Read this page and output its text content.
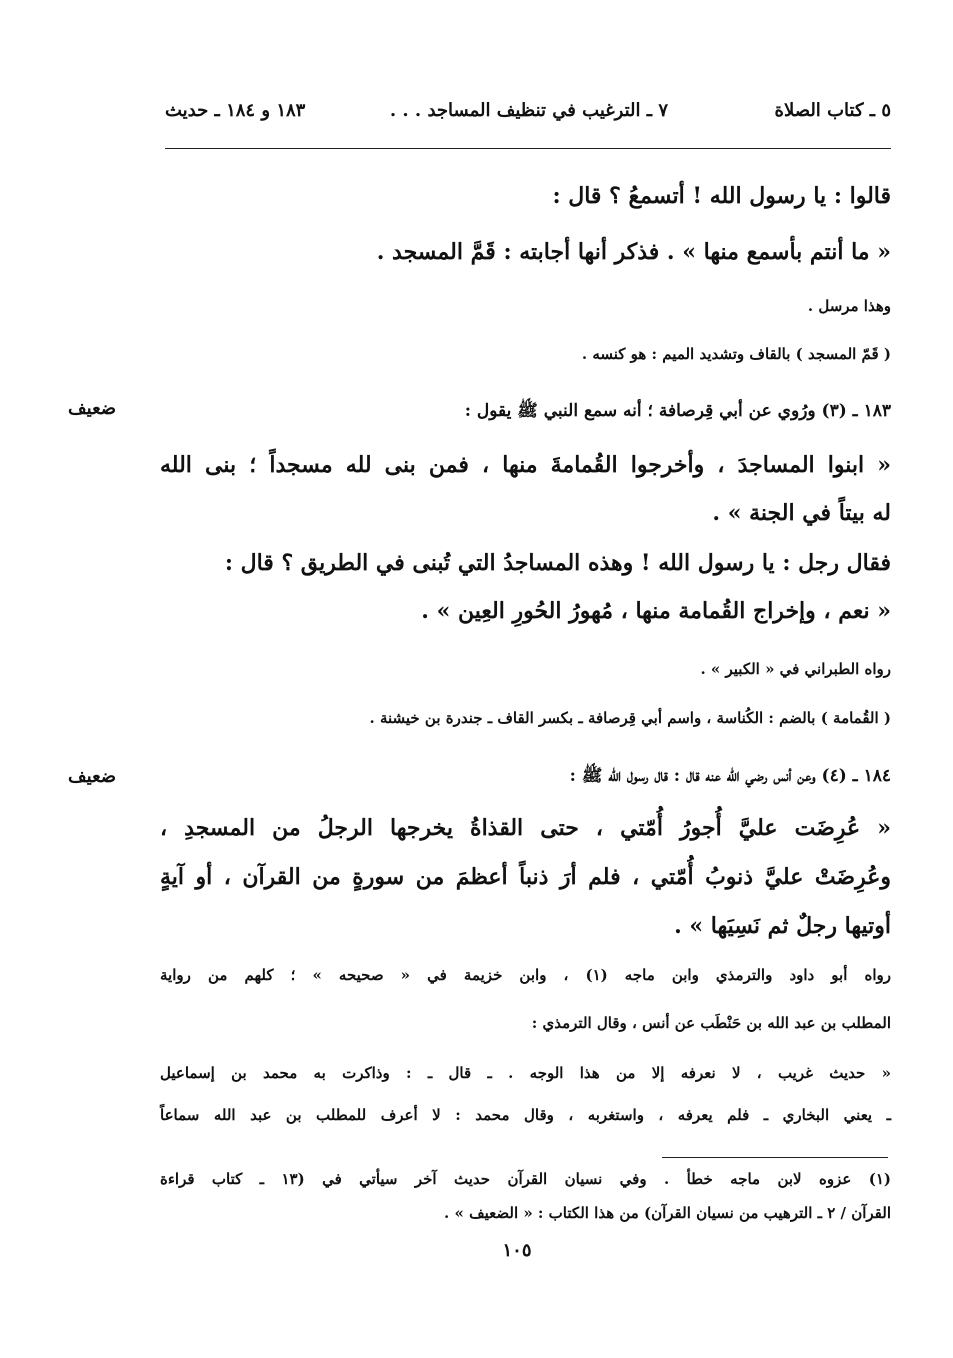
٥ ـ كتاب الصلاة
٧ ـ الترغيب في تنظيف المساجد . . .
١٨٣ و ١٨٤ ـ حديث
قالوا : يا رسول الله ! أتسمعُ ؟ قال :
« ما أنتم بأسمع منها » . فذكر أنها أجابته : قَمَّ المسجد .
وهذا مرسل .
( قَمّ المسجد ) بالقاف وتشديد الميم : هو كنسه .
١٨٣ ـ (٣) ورُوي عن أبي قِرصافة ؛ أنه سمع النبي ﷺ يقول :
ضعيف
« ابنوا المساجدَ ، وأخرجوا القُمامةَ منها ، فمن بنى لله مسجداً ؛ بنى الله
له بيتاً في الجنة » .
فقال رجل : يا رسول الله ! وهذه المساجدُ التي تُبنى في الطريق ؟ قال :
« نعم ، وإخراج القُمامة منها ، مُهورُ الحُورِ العِين » .
رواه الطبراني في « الكبير » .
( القُمامة ) بالضم : الكُناسة ، واسم أبي قِرصافة ـ بكسر القاف ـ جندرة بن خيشنة .
١٨٤ ـ (٤) وعن أنس رضي الله عنه قال : قال رسول الله ﷺ :
ضعيف
« عُرِضَت عليَّ أُجورُ أُمّتي ، حتى القذاةُ يخرجها الرجلُ من المسجدِ ،
وعُرِضَتْ عليَّ ذنوبُ أُمّتي ، فلم أرَ ذنباً أعظمَ من سورةٍ من القرآن ، أو آيةٍ
أوتيها رجلٌ ثم نَسِيَها » .
رواه أبو داود والترمذي وابن ماجه (١) ، وابن خزيمة في « صحيحه » ؛ كلهم من رواية
المطلب بن عبد الله بن حَنْطَب عن أنس ، وقال الترمذي :
« حديث غريب ، لا نعرفه إلا من هذا الوجه . ـ قال ـ : وذاكرت به محمد بن إسماعيل
ـ يعني البخاري ـ فلم يعرفه ، واستغربه ، وقال محمد : لا أعرف للمطلب بن عبد الله سماعاً
(١) عزوه لابن ماجه خطأ . وفي نسيان القرآن حديث آخر سيأتي في (١٣ ـ كتاب قراءة
القرآن / ٢ ـ الترهيب من نسيان القرآن) من هذا الكتاب : « الضعيف » .
١٠٥
